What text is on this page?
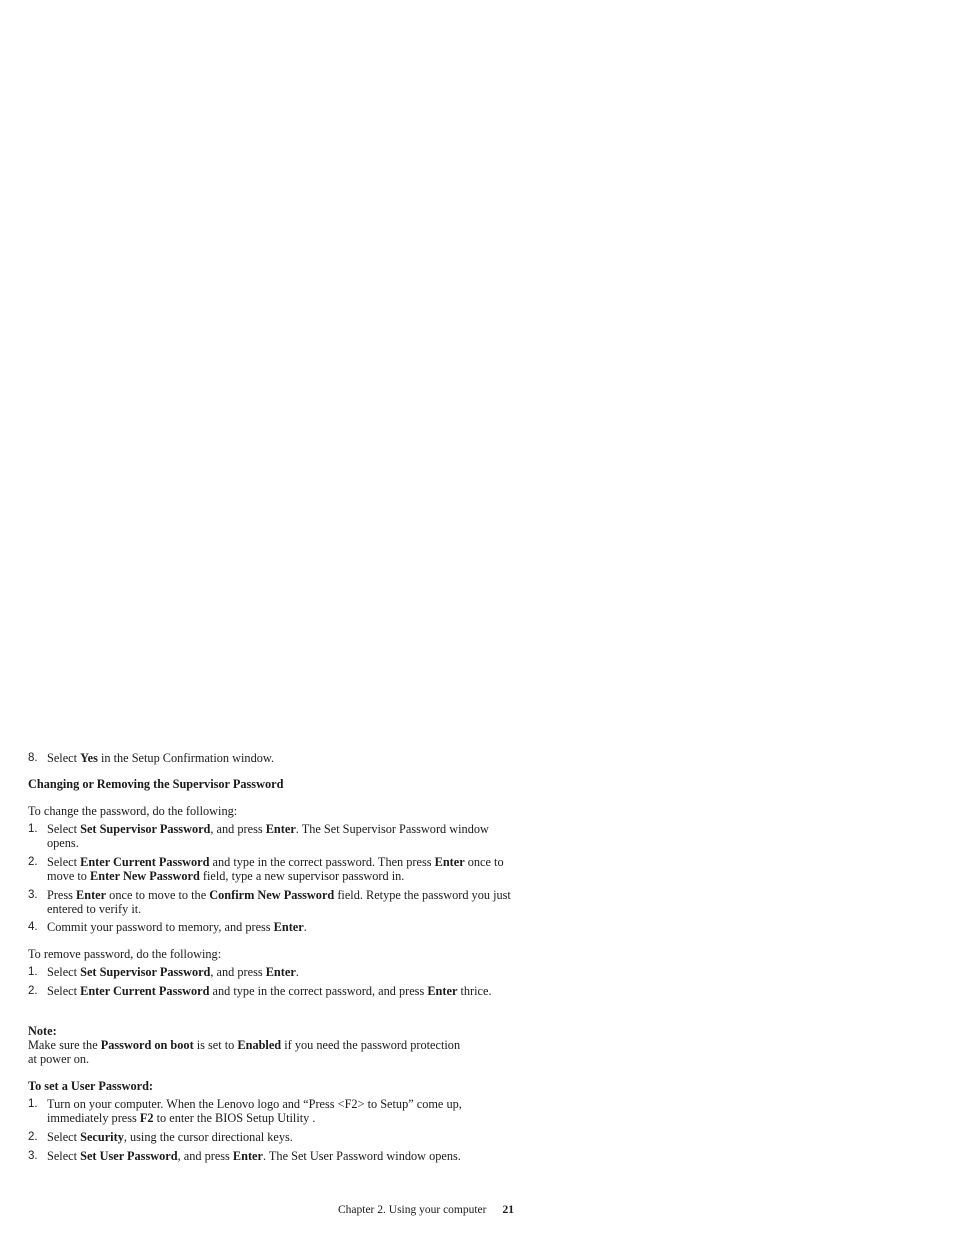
8. Select Yes in the Setup Confirmation window.
Changing or Removing the Supervisor Password
To change the password, do the following:
1. Select Set Supervisor Password, and press Enter. The Set Supervisor Password window opens.
2. Select Enter Current Password and type in the correct password. Then press Enter once to move to Enter New Password field, type a new supervisor password in.
3. Press Enter once to move to the Confirm New Password field. Retype the password you just entered to verify it.
4. Commit your password to memory, and press Enter.
To remove password, do the following:
1. Select Set Supervisor Password, and press Enter.
2. Select Enter Current Password and type in the correct password, and press Enter thrice.
Note:
Make sure the Password on boot is set to Enabled if you need the password protection at power on.
To set a User Password:
1. Turn on your computer. When the Lenovo logo and “Press <F2> to Setup” come up, immediately press F2 to enter the BIOS Setup Utility .
2. Select Security, using the cursor directional keys.
3. Select Set User Password, and press Enter. The Set User Password window opens.
Chapter 2. Using your computer 21
